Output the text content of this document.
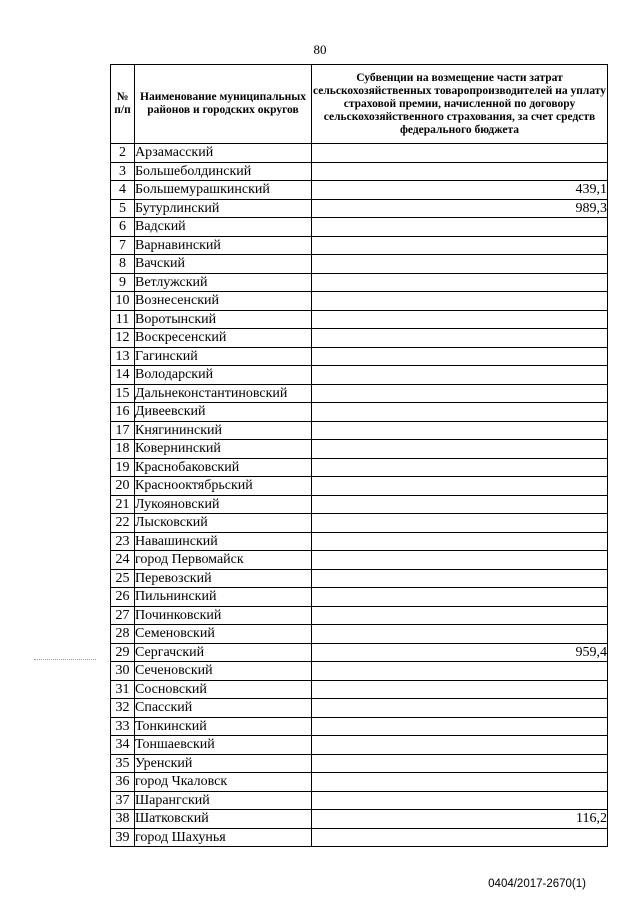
80
№ п/п	Наименование муниципальных районов и городских округов	Субвенции на возмещение части затрат сельскохозяйственных товаропроизводителей на уплату страховой премии, начисленной по договору сельскохозяйственного страхования, за счет средств федерального бюджета
2	Арзамасский	
3	Большеболдинский	
4	Большемурашкинский	439,1
5	Бутурлинский	989,3
6	Вадский	
7	Варнавинский	
8	Вачский	
9	Ветлужский	
10	Вознесенский	
11	Воротынский	
12	Воскресенский	
13	Гагинский	
14	Володарский	
15	Дальнеконстантиновский	
16	Дивеевский	
17	Княгининский	
18	Ковернинский	
19	Краснобаковский	
20	Краснооктябрьский	
21	Лукояновский	
22	Лысковский	
23	Навашинский	
24	город Первомайск	
25	Перевозский	
26	Пильнинский	
27	Починковский	
28	Семеновский	
29	Сергачский	959,4
30	Сеченовский	
31	Сосновский	
32	Спасский	
33	Тонкинский	
34	Тоншаевский	
35	Уренский	
36	город Чкаловск	
37	Шарангский	
38	Шатковский	116,2
39	город Шахунья	
0404/2017-2670(1)
